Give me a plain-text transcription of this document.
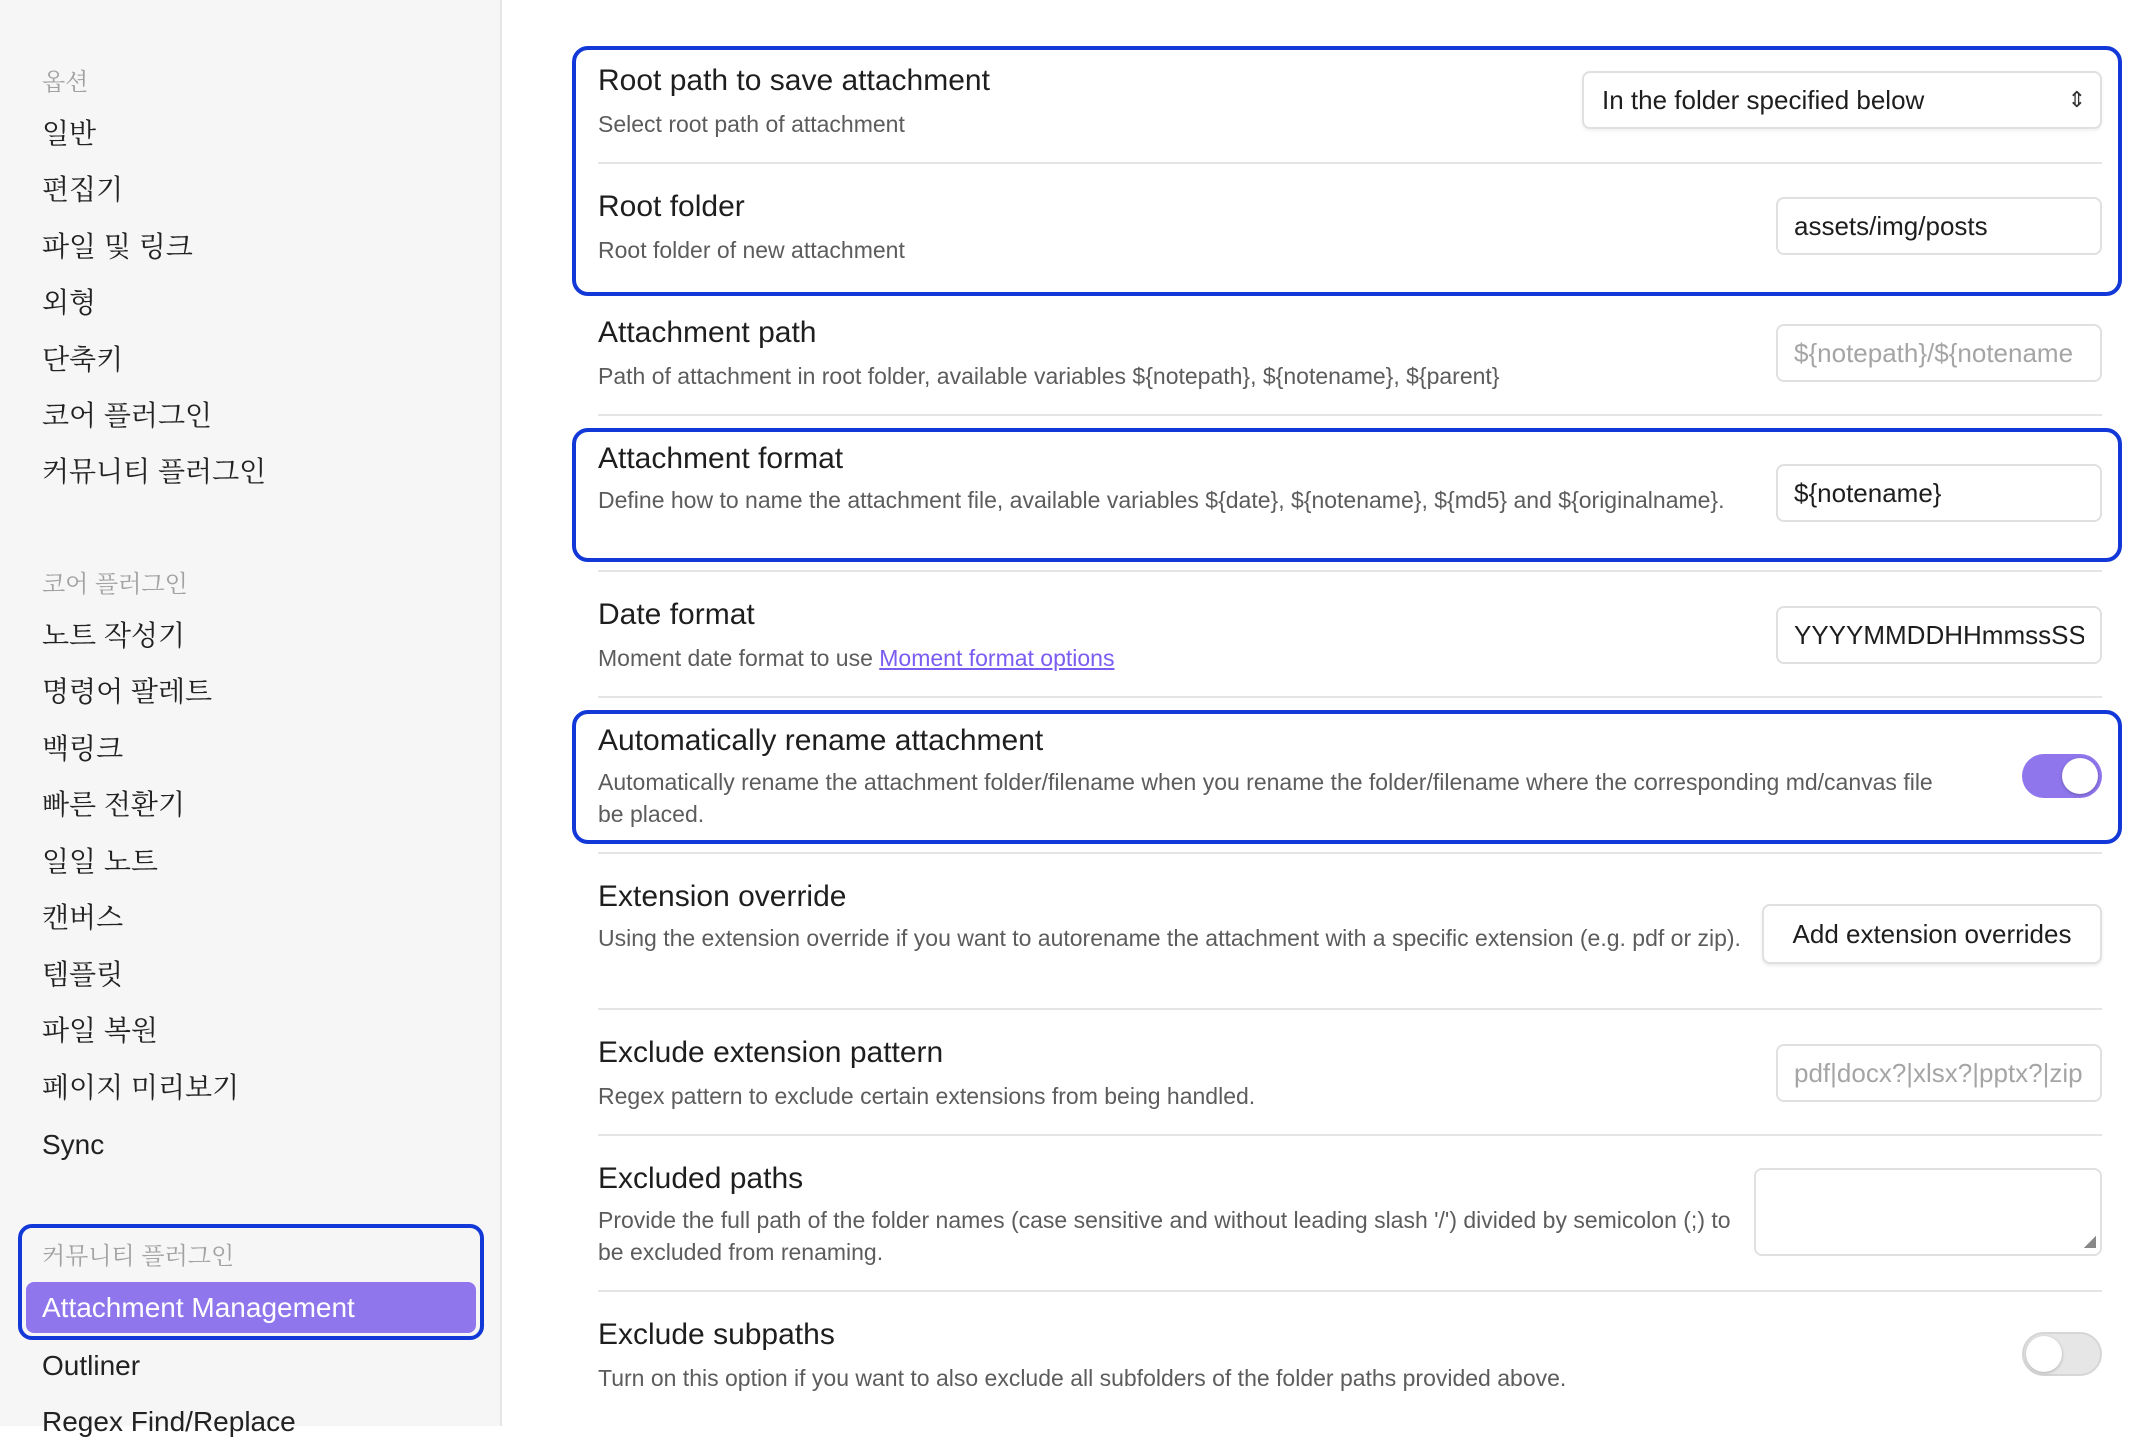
옵션
일반
편집기
파일 및 링크
외형
단축키
코어 플러그인
커뮤니티 플러그인
코어 플러그인
노트 작성기
명령어 팔레트
백링크
빠른 전환기
일일 노트
캔버스
템플릿
파일 복원
페이지 미리보기
Sync
커뮤니티 플러그인
Attachment Management
Outliner
Regex Find/Replace
Root path to save attachment
Select root path of attachment
In the folder specified below	⇕
Root folder
Root folder of new attachment
assets/img/posts
Attachment path
Path of attachment in root folder, available variables ${notepath}, ${notename}, ${parent}
${notepath}/${notename
Attachment format
Define how to name the attachment file, available variables ${date}, ${notename}, ${md5} and ${originalname}.
${notename}
Date format
Moment date format to use Moment format options
YYYYMMDDHHmmssSS
Automatically rename attachment
Automatically rename the attachment folder/filename when you rename the folder/filename where the corresponding md/canvas file be placed.
Extension override
Using the extension override if you want to autorename the attachment with a specific extension (e.g. pdf or zip).	Add extension overrides
Exclude extension pattern
Regex pattern to exclude certain extensions from being handled.
pdf|docx?|xlsx?|pptx?|zip
Excluded paths
Provide the full path of the folder names (case sensitive and without leading slash '/') divided by semicolon (;) to be excluded from renaming.	◢
Exclude subpaths
Turn on this option if you want to also exclude all subfolders of the folder paths provided above.
